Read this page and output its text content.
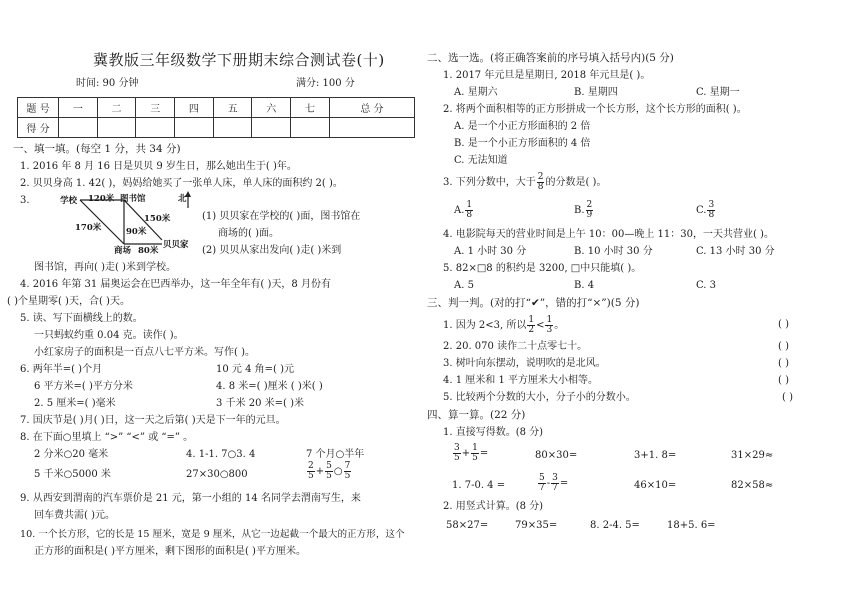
冀教版三年级数学下册期末综合测试卷(十)
时间: 90 分钟	满分: 100 分
题 号	一	二	三	四	五	六	七	总 分
得 分								
一、填一填。(每空 1 分，共 34 分)
1. 2016 年 8 月 16 日是贝贝 9 岁生日，那么她出生于( )年。
2. 贝贝身高 1. 42( )，妈妈给她买了一张单人床，单人床的面积约 2( )。
3.	学校 120米 图书馆	北
150米
170米	90米
商场 80米
贝贝家
(1) 贝贝家在学校的( )面，图书馆在
商场的( )面。
(2) 贝贝从家出发向( )走( )米到
图书馆，再向( )走( )米到学校。
4. 2016 年第 31 届奥运会在巴西举办，这一年全年有( )天，8 月份有
( )个星期零( )天，合( )天。
5. 读、写下面横线上的数。
一只蚂蚁约重 0.04 克。读作( )。
小红家房子的面积是一百点八七平方米。写作( )。
6. 两年半=( )个月	10 元 4 角=( )元
6 平方米=( )平方分米	4. 8 米=( )厘米 ( )米( )
2. 5 厘米=( )毫米	3 千米 20 米=( )米
7. 国庆节是( )月( )日，这一天之后第( )天是下一年的元旦。
8. 在下面○里填上 “>” “<” 或 “=” 。
2 分米○20 毫米	4. 1-1. 7○3. 4	7 个月○半年
5 千米○5000 米	27×30○800	$\frac{2}{5} + \frac{5}{5}$ ○ $\frac{7}{5}$
9. 从西安到渭南的汽车票价是 21 元，第一小组的 14 名同学去渭南写生，来
回车费共需( )元。
10. 一个长方形，它的长是 15 厘米，宽是 9 厘米，从它一边起截一个最大的正方形，这个
正方形的面积是( )平方厘米，剩下图形的面积是( )平方厘米。
二、选一选。(将正确答案前的序号填入括号内)(5 分)
1. 2017 年元旦是星期日, 2018 年元旦是( )。
A. 星期六	B. 星期四	C. 星期一
2. 将两个面积相等的正方形拼成一个长方形，这个长方形的面积( )。
A. 是一个小正方形面积的 2 倍
B. 是一个小正方形面积的 4 倍
C. 无法知道
3. 下列分数中，大于 $\frac{2}{8}$ 的分数是( )。
A. $\frac{1}{8}$	B. $\frac{2}{9}$	C. $\frac{3}{8}$
4. 电影院每天的营业时间是上午 10：00—晚上 11：30，一天共营业( )。
A. 1 小时 30 分	B. 10 小时 30 分	C. 13 小时 30 分
5. 82×□8 的积约是 3200, □中只能填( )。
A. 5	B. 4	C. 3
三、判一判。(对的打“✔”，错的打“×”)(5 分)
1. 因为 2<3, 所以 $\frac{1}{2} < \frac{1}{3}$ 。	( )
2. 20. 070 读作二十点零七十。	( )
3. 树叶向东摆动，说明吹的是北风。	( )
4. 1 厘米和 1 平方厘米大小相等。	( )
5. 比较两个分数的大小，分子小的分数小。	( )
四、算一算。(22 分)
1. 直接写得数。(8 分)
$\frac{3}{5} + \frac{1}{5}$ =	80×30=	3+1. 8=	31×29≈
1. 7-0. 4 =	$\frac{5}{7} - \frac{3}{7}$ =	46×10=	82×58≈
2. 用竖式计算。(8 分)
58×27=	79×35=	8. 2-4. 5=	18+5. 6=
